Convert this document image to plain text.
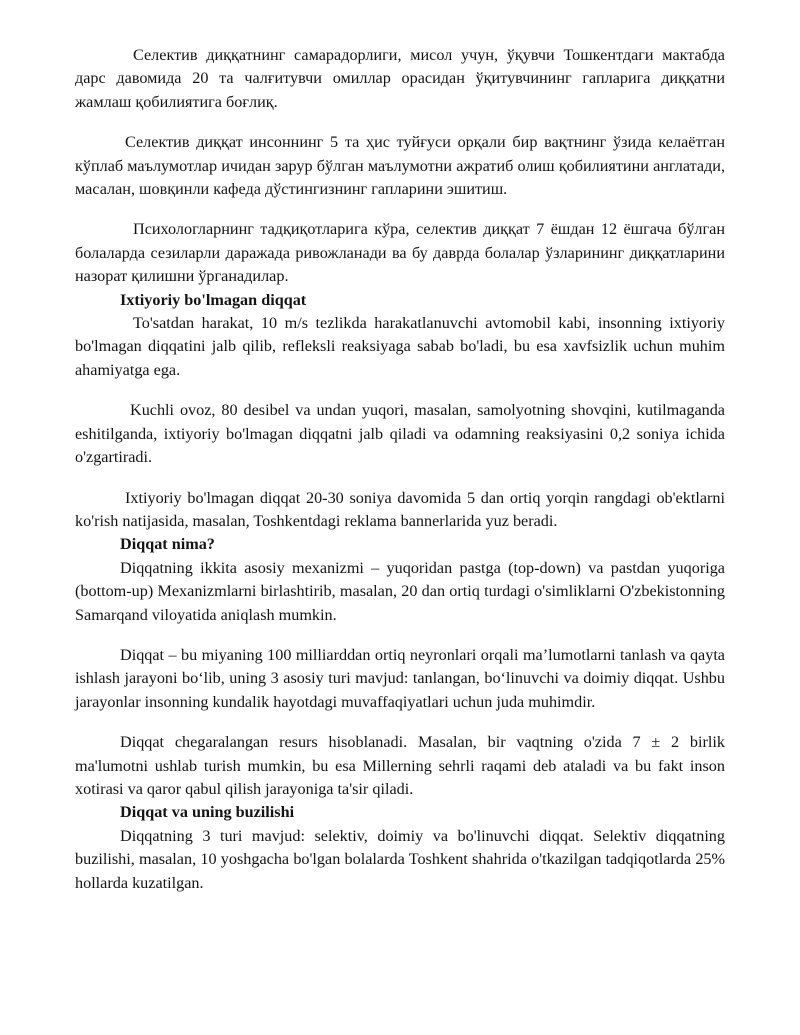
Селектив диққатнинг самарадорлиги, мисол учун, ўқувчи Тошкентдаги мактабда дарс давомида 20 та чалғитувчи омиллар орасидан ўқитувчининг гапларига диққатни жамлаш қобилиятига боғлиқ.

Селектив диққат инсоннинг 5 та ҳис туйғуси орқали бир вақтнинг ўзида келаётган кўплаб маълумотлар ичидан зарур бўлган маълумотни ажратиб олиш қобилиятини англатади, масалан, шовқинли кафеда дўстингизнинг гапларини эшитиш.

Психологларнинг тадқиқотларига кўра, селектив диққат 7 ёшдан 12 ёшгача бўлган болаларда сезиларли даражада ривожланади ва бу даврда болалар ўзларининг диққатларини назорат қилишни ўрганадилар.

Ixtiyoriy bo'lmagan diqqat

To'satdan harakat, 10 m/s tezlikda harakatlanuvchi avtomobil kabi, insonning ixtiyoriy bo'lmagan diqqatini jalb qilib, refleksli reaksiyaga sabab bo'ladi, bu esa xavfsizlik uchun muhim ahamiyatga ega.

Kuchli ovoz, 80 desibel va undan yuqori, masalan, samolyotning shovqini, kutilmaganda eshitilganda, ixtiyoriy bo'lmagan diqqatni jalb qiladi va odamning reaksiyasini 0,2 soniya ichida o'zgartiradi.

Ixtiyoriy bo'lmagan diqqat 20-30 soniya davomida 5 dan ortiq yorqin rangdagi ob'ektlarni ko'rish natijasida, masalan, Toshkentdagi reklama bannerlarida yuz beradi.

Diqqat nima?

Diqqatning ikkita asosiy mexanizmi – yuqoridan pastga (top-down) va pastdan yuqoriga (bottom-up) Mexanizmlarni birlashtirib, masalan, 20 dan ortiq turdagi o'simliklarni O'zbekistonning Samarqand viloyatida aniqlash mumkin.

Diqqat – bu miyaning 100 milliarddan ortiq neyronlari orqali ma’lumotlarni tanlash va qayta ishlash jarayoni bo‘lib, uning 3 asosiy turi mavjud: tanlangan, bo‘linuvchi va doimiy diqqat. Ushbu jarayonlar insonning kundalik hayotdagi muvaffaqiyatlari uchun juda muhimdir.

Diqqat chegaralangan resurs hisoblanadi. Masalan, bir vaqtning o'zida 7 ± 2 birlik ma'lumotni ushlab turish mumkin, bu esa Millerning sehrli raqami deb ataladi va bu fakt inson xotirasi va qaror qabul qilish jarayoniga ta'sir qiladi.

Diqqat va uning buzilishi

Diqqatning 3 turi mavjud: selektiv, doimiy va bo'linuvchi diqqat. Selektiv diqqatning buzilishi, masalan, 10 yoshgacha bo'lgan bolalarda Toshkent shahrida o'tkazilgan tadqiqotlarda 25% hollarda kuzatilgan.
